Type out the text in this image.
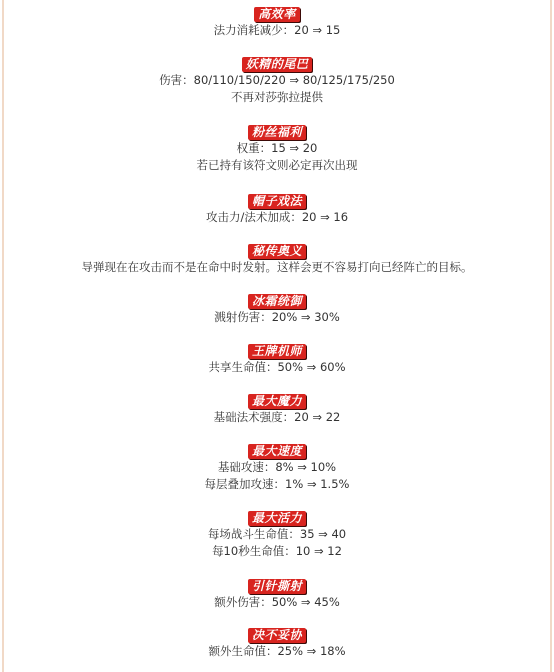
高效率
法力消耗减少：20 ⇒ 15
妖精的尾巴
伤害：80/110/150/220 ⇒ 80/125/175/250
不再对莎弥拉提供
粉丝福利
权重：15 ⇒ 20
若已持有该符文则必定再次出现
帽子戏法
攻击力/法术加成：20 ⇒ 16
秘传奥义
导弹现在在攻击而不是在命中时发射。这样会更不容易打向已经阵亡的目标。
冰霜统御
溅射伤害：20% ⇒ 30%
王牌机师
共享生命值：50% ⇒ 60%
最大魔力
基础法术强度：20 ⇒ 22
最大速度
基础攻速：8% ⇒ 10%
每层叠加攻速：1% ⇒ 1.5%
最大活力
每场战斗生命值：35 ⇒ 40
每10秒生命值：10 ⇒ 12
引针撕射
额外伤害：50% ⇒ 45%
决不妥协
额外生命值：25% ⇒ 18%
